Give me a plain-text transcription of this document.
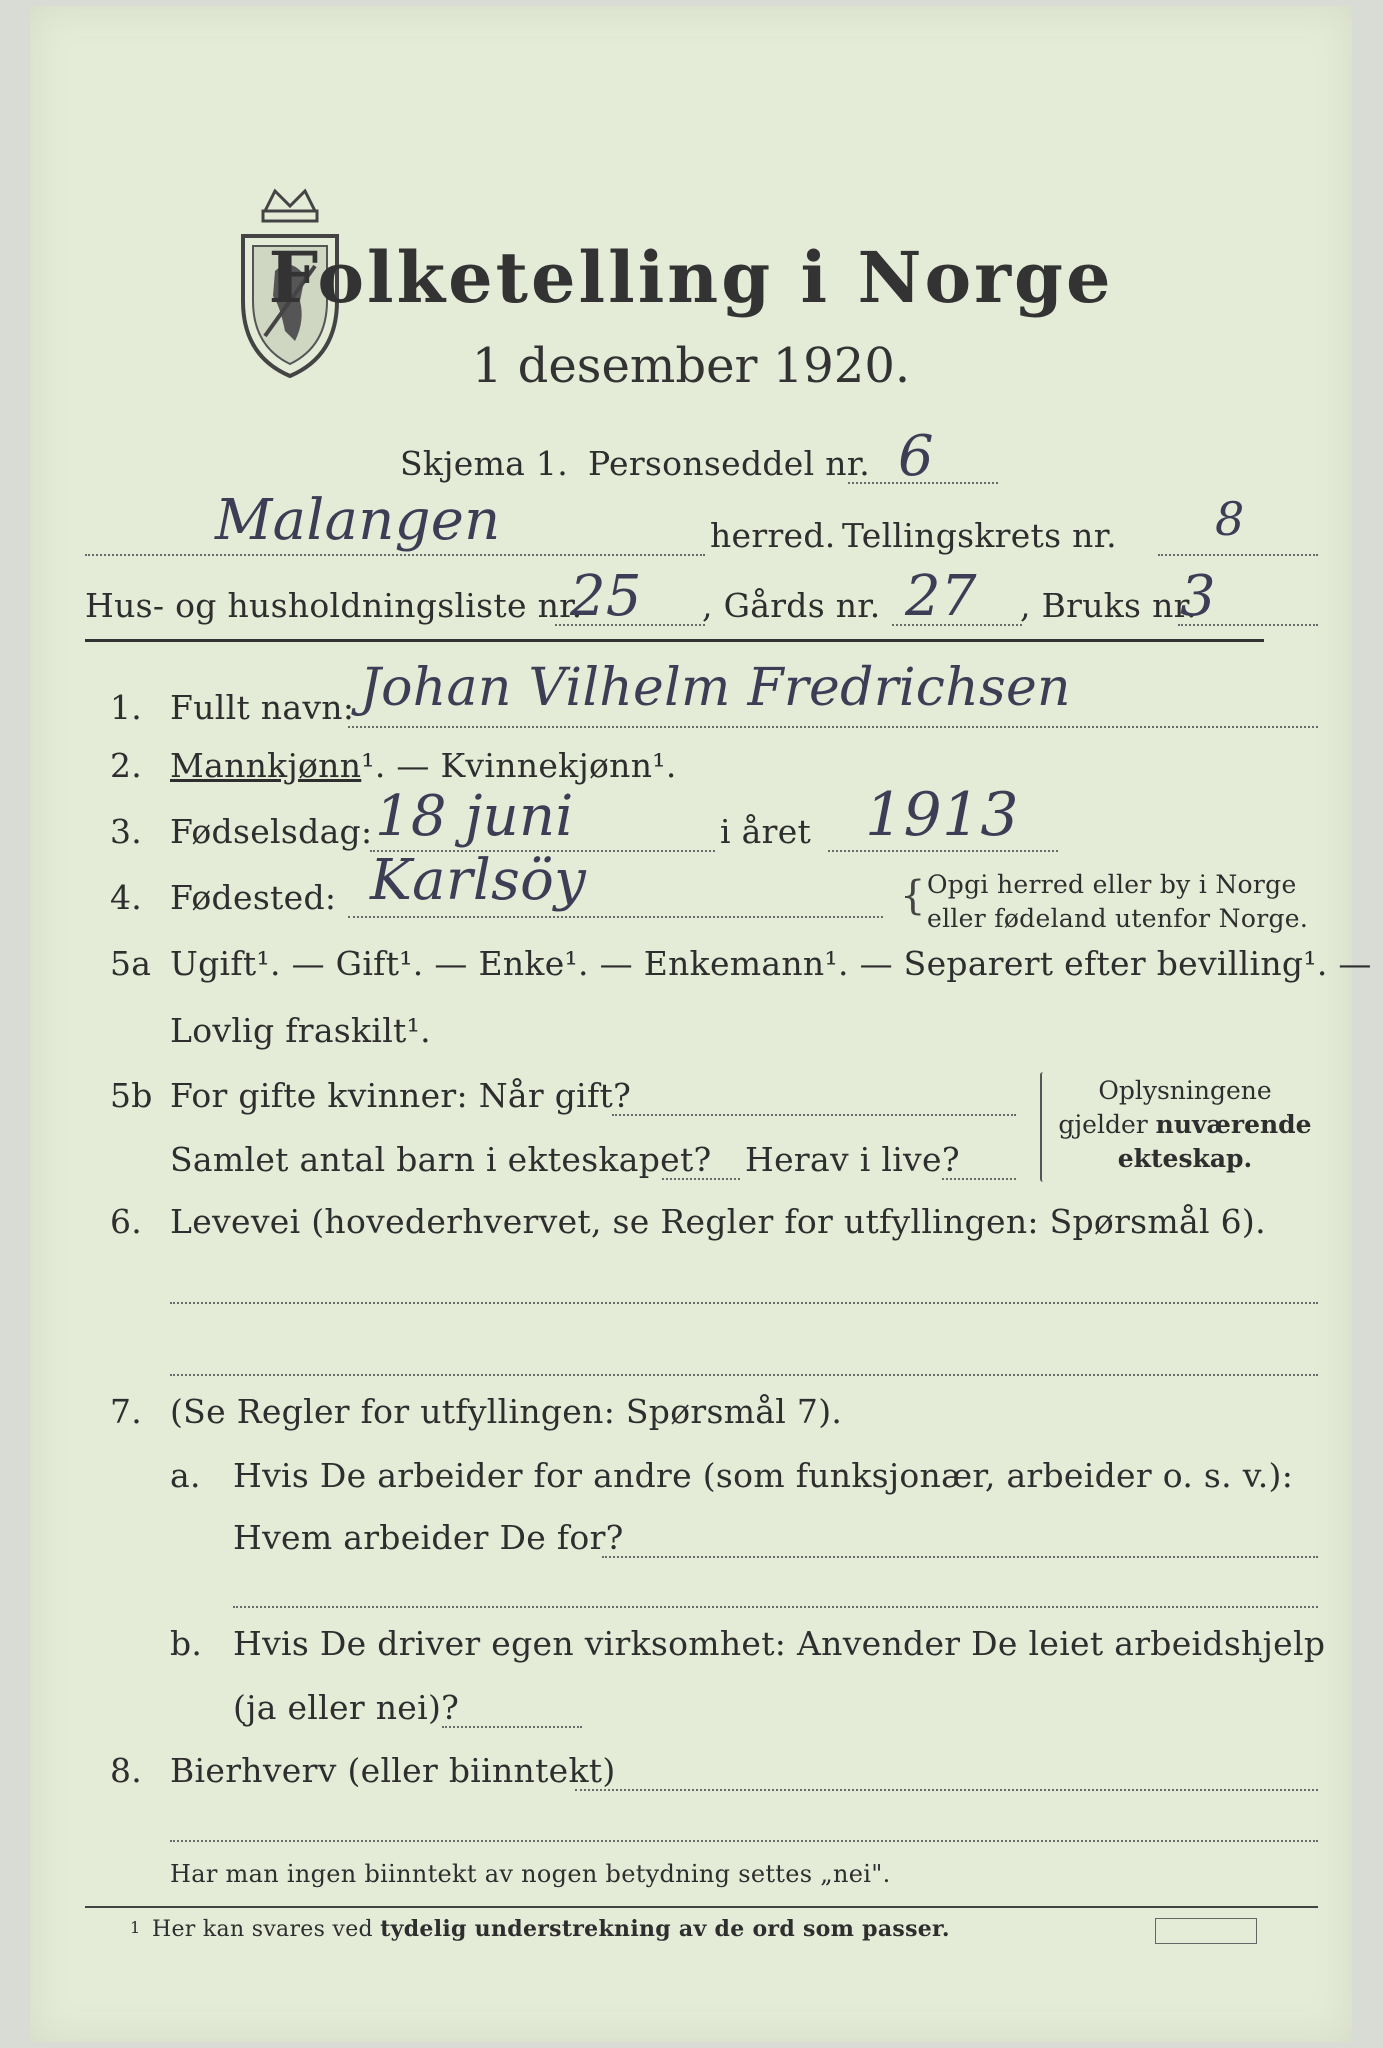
Folketelling i Norge
1 desember 1920.
Skjema 1. Personseddel nr. 6
Malangen	herred. Tellingskrets nr. 8
Hus- og husholdningsliste nr.
25 , Gårds nr. 27 , Bruks nr.
3
1. Fullt navn: Johan Vilhelm Fredrichsen
2. Mannkjønn¹. — Kvinnekjønn¹.
3. Fødselsdag: 18 juni	i året 1913
4. Fødested: Karlsöy	{ Opgi herred eller by i Norge
eller fødeland utenfor Norge.
5a Ugift¹. — Gift¹. — Enke¹. — Enkemann¹. — Separert efter bevilling¹. —
Lovlig fraskilt¹.
5b For gifte kvinner: Når gift?
Samlet antal barn i ekteskapet? Herav i live?
Oplysningene
gjelder nuværende
ekteskap.
6. Levevei (hovederhvervet, se Regler for utfyllingen: Spørsmål 6).
7. (Se Regler for utfyllingen: Spørsmål 7).
a. Hvis De arbeider for andre (som funksjonær, arbeider o. s. v.):
Hvem arbeider De for?
b. Hvis De driver egen virksomhet: Anvender De leiet arbeidshjelp
(ja eller nei)?
8. Bierhverv (eller biinntekt)
Har man ingen biinntekt av nogen betydning settes „nei".
1 Her kan svares ved tydelig understrekning av de ord som passer.
